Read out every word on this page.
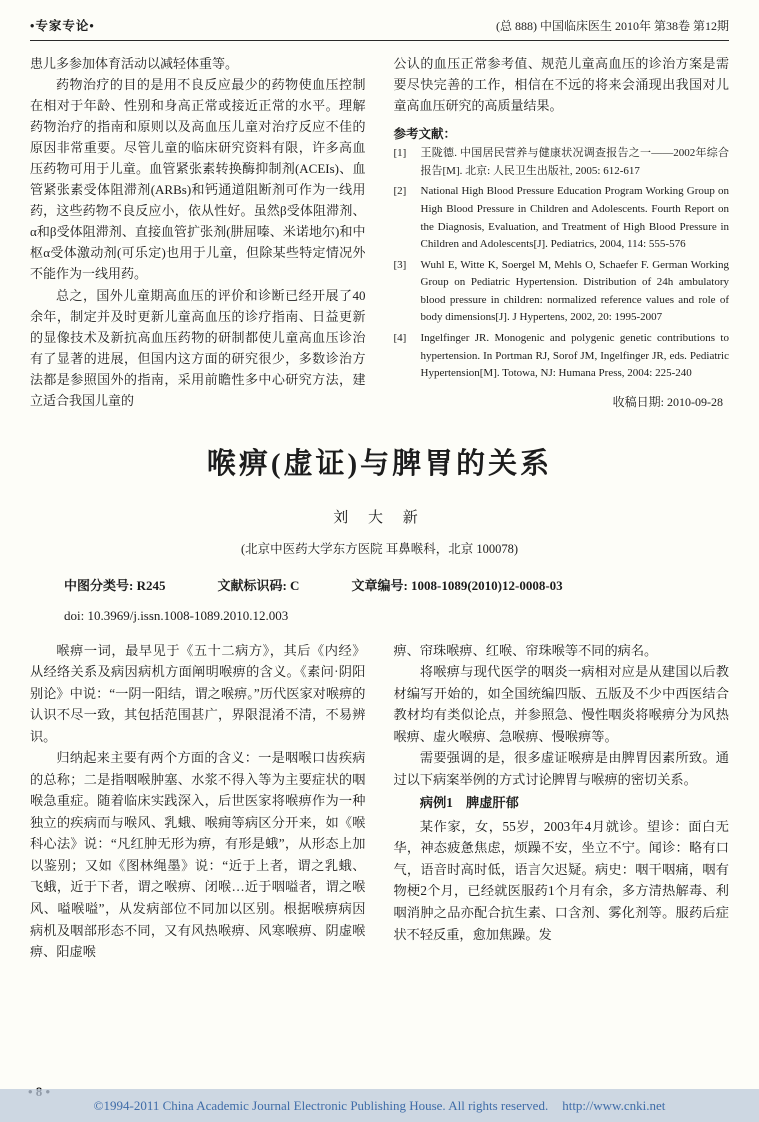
•专家专论•	(总 888) 中国临床医生 2010年 第38卷 第12期

患儿多参加体育活动以减轻体重等。

药物治疗的目的是用不良反应最少的药物使血压控制在相对于年龄、性别和身高正常或接近正常的水平。理解药物治疗的指南和原则以及高血压儿童对治疗反应不佳的原因非常重要。尽管儿童的临床研究资料有限，许多高血压药物可用于儿童。血管紧张素转换酶抑制剂(ACEIs)、血管紧张素受体阻滞剂(ARBs)和钙通道阻断剂可作为一线用药，这些药物不良反应小，依从性好。虽然β受体阻滞剂、α和β受体阻滞剂、直接血管扩张剂(肼屈嗪、米诺地尔)和中枢α受体激动剂(可乐定)也用于儿童，但除某些特定情况外不能作为一线用药。

总之，国外儿童期高血压的评价和诊断已经开展了40余年，制定并及时更新儿童高血压的诊疗指南、日益更新的显像技术及新抗高血压药物的研制都使儿童高血压诊治有了显著的进展，但国内这方面的研究很少，多数诊治方法都是参照国外的指南，采用前瞻性多中心研究方法，建立适合我国儿童的

公认的血压正常参考值、规范儿童高血压的诊治方案是需要尽快完善的工作，相信在不远的将来会涌现出我国对儿童高血压研究的高质量结果。

参考文献：
[1]	王陇德. 中国居民营养与健康状况调查报告之一——2002年综合报告[M]. 北京: 人民卫生出版社, 2005: 612-617
[2]	National High Blood Pressure Education Program Working Group on High Blood Pressure in Children and Adolescents. Fourth Report on the Diagnosis, Evaluation, and Treatment of High Blood Pressure in Children and Adolescents[J]. Pediatrics, 2004, 114: 555-576
[3]	Wuhl E, Witte K, Soergel M, Mehls O, Schaefer F. German Working Group on Pediatric Hypertension. Distribution of 24h ambulatory blood pressure in children: normalized reference values and role of body dimensions[J]. J Hypertens, 2002, 20: 1995-2007
[4]	Ingelfinger JR. Monogenic and polygenic genetic contributions to hypertension. In Portman RJ, Sorof JM, Ingelfinger JR, eds. Pediatric Hypertension[M]. Totowa, NJ: Humana Press, 2004: 225-240
收稿日期: 2010-09-28
喉痹(虚证)与脾胃的关系
刘 大 新
(北京中医药大学东方医院 耳鼻喉科，北京 100078)
中图分类号: R245	文献标识码: C	文章编号: 1008-1089(2010)12-0008-03
doi: 10.3969/j.issn.1008-1089.2010.12.003

喉痹一词，最早见于《五十二病方》，其后《内经》从经络关系及病因病机方面阐明喉痹的含义。《素问·阴阳别论》中说：“一阴一阳结，谓之喉痹。”历代医家对喉痹的认识不尽一致，其包括范围甚广，界限混淆不清，不易辨识。

归纳起来主要有两个方面的含义：一是咽喉口齿疾病的总称；二是指咽喉肿塞、水浆不得入等为主要症状的咽喉急重症。随着临床实践深入，后世医家将喉痹作为一种独立的疾病而与喉风、乳蛾、喉痈等病区分开来，如《喉科心法》说：“凡红肿无形为痹，有形是蛾”，从形态上加以鉴别；又如《图林绳墨》说：“近于上者，谓之乳蛾、飞蛾，近于下者，谓之喉痹、闭喉…近于咽嗌者，谓之喉风、嗌喉嗌”，从发病部位不同加以区别。根据喉痹病因病机及咽部形态不同，又有风热喉痹、风寒喉痹、阴虚喉痹、阳虚喉

痹、帘珠喉痹、红喉、帘珠喉等不同的病名。

将喉痹与现代医学的咽炎一病相对应是从建国以后教材编写开始的，如全国统编四版、五版及不少中西医结合教材均有类似论点，并参照急、慢性咽炎将喉痹分为风热喉痹、虚火喉痹、急喉痹、慢喉痹等。

需要强调的是，很多虚证喉痹是由脾胃因素所致。通过以下病案举例的方式讨论脾胃与喉痹的密切关系。

病例1　脾虚肝郁

某作家，女，55岁，2003年4月就诊。望诊：面白无华，神态疲惫焦虑，烦躁不安，坐立不宁。闻诊：略有口气，语音时高时低，语言欠迟疑。病史：咽干咽痛，咽有物梗2个月，已经就医服药1个月有余，多方清热解毒、利咽消肿之品亦配合抗生素、口含剂、雾化剂等。服药后症状不轻反重，愈加焦躁。发

©1994-2011 China Academic Journal Electronic Publishing House. All rights reserved. http://www.cnki.net
